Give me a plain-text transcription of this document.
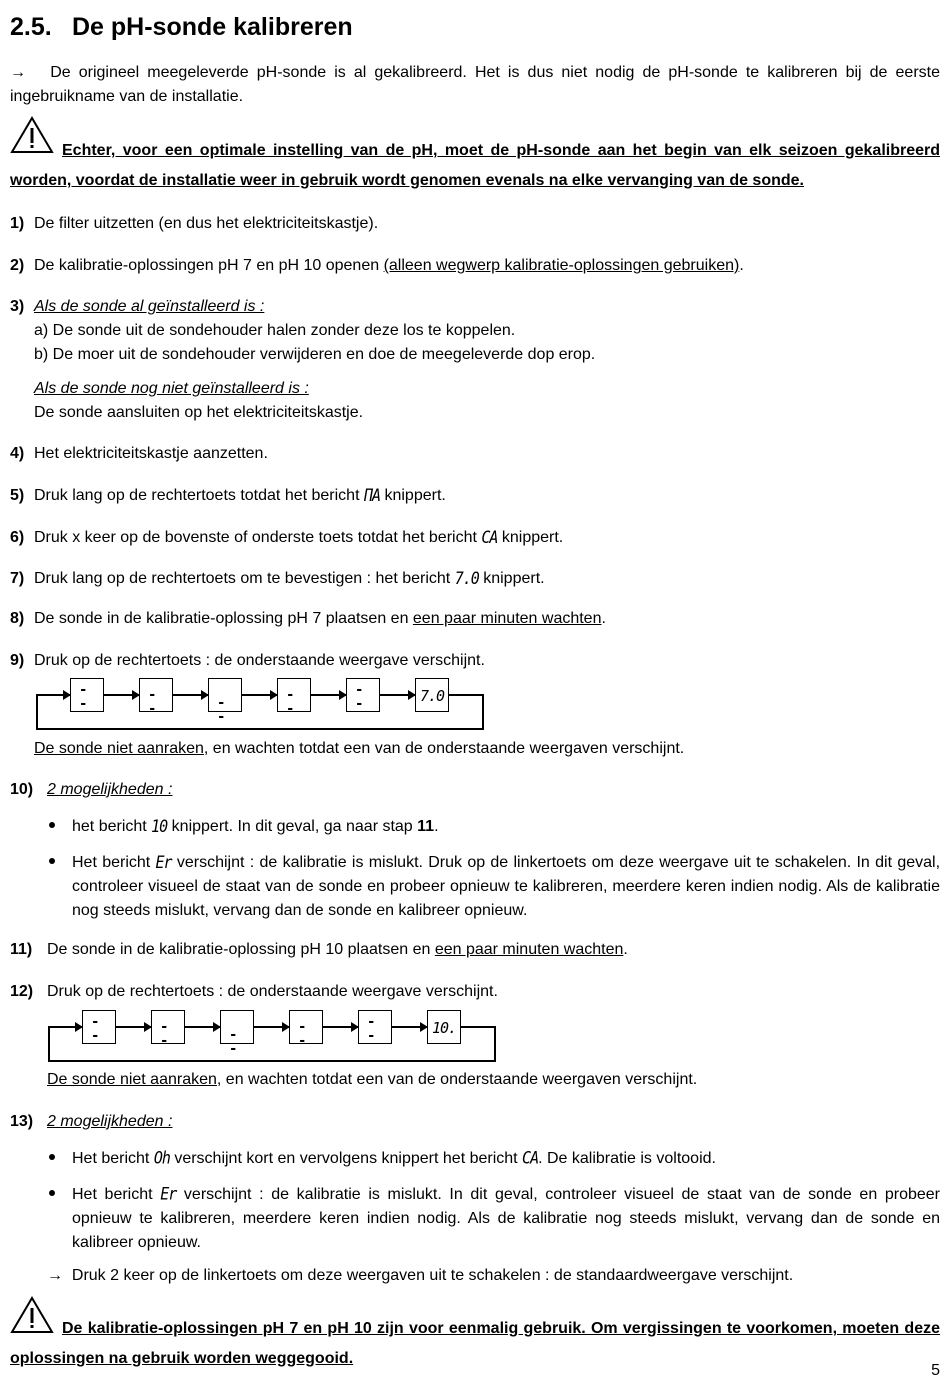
2.5. De pH-sonde kalibreren
→ De origineel meegeleverde pH-sonde is al gekalibreerd. Het is dus niet nodig de pH-sonde te kalibreren bij de eerste ingebruikname van de installatie.
Echter, voor een optimale instelling van de pH, moet de pH-sonde aan het begin van elk seizoen gekalibreerd worden, voordat de installatie weer in gebruik wordt genomen evenals na elke vervanging van de sonde.
1) De filter uitzetten (en dus het elektriciteitskastje).
2) De kalibratie-oplossingen pH 7 en pH 10 openen (alleen wegwerp kalibratie-oplossingen gebruiken).
3) Als de sonde al geïnstalleerd is :
a) De sonde uit de sondehouder halen zonder deze los te koppelen.
b) De moer uit de sondehouder verwijderen en doe de meegeleverde dop erop.
Als de sonde nog niet geïnstalleerd is :
De sonde aansluiten op het elektriciteitskastje.
4) Het elektriciteitskastje aanzetten.
5) Druk lang op de rechtertoets totdat het bericht ΠΑ knippert.
6) Druk x keer op de bovenste of onderste toets totdat het bericht CA knippert.
7) Druk lang op de rechtertoets om te bevestigen : het bericht 7.0 knippert.
8) De sonde in de kalibratie-oplossing pH 7 plaatsen en een paar minuten wachten.
9) Druk op de rechtertoets : de onderstaande weergave verschijnt.
- -
- -	- -
- -
- -	7.0
De sonde niet aanraken, en wachten totdat een van de onderstaande weergaven verschijnt.
10) 2 mogelijkheden :
het bericht 10 knippert. In dit geval, ga naar stap 11.
Het bericht Er verschijnt : de kalibratie is mislukt. Druk op de linkertoets om deze weergave uit te schakelen. In dit geval, controleer visueel de staat van de sonde en probeer opnieuw te kalibreren, meerdere keren indien nodig. Als de kalibratie nog steeds mislukt, vervang dan de sonde en kalibreer opnieuw.
11) De sonde in de kalibratie-oplossing pH 10 plaatsen en een paar minuten wachten.
12) Druk op de rechtertoets : de onderstaande weergave verschijnt.
- -
- -	- -
- -
- -	10.
De sonde niet aanraken, en wachten totdat een van de onderstaande weergaven verschijnt.
13) 2 mogelijkheden :
Het bericht Oh verschijnt kort en vervolgens knippert het bericht CA. De kalibratie is voltooid.
Het bericht Er verschijnt : de kalibratie is mislukt. In dit geval, controleer visueel de staat van de sonde en probeer opnieuw te kalibreren, meerdere keren indien nodig. Als de kalibratie nog steeds mislukt, vervang dan de sonde en kalibreer opnieuw.
→ Druk 2 keer op de linkertoets om deze weergaven uit te schakelen : de standaardweergave verschijnt.
De kalibratie-oplossingen pH 7 en pH 10 zijn voor eenmalig gebruik. Om vergissingen te voorkomen, moeten deze oplossingen na gebruik worden weggegooid.
5
